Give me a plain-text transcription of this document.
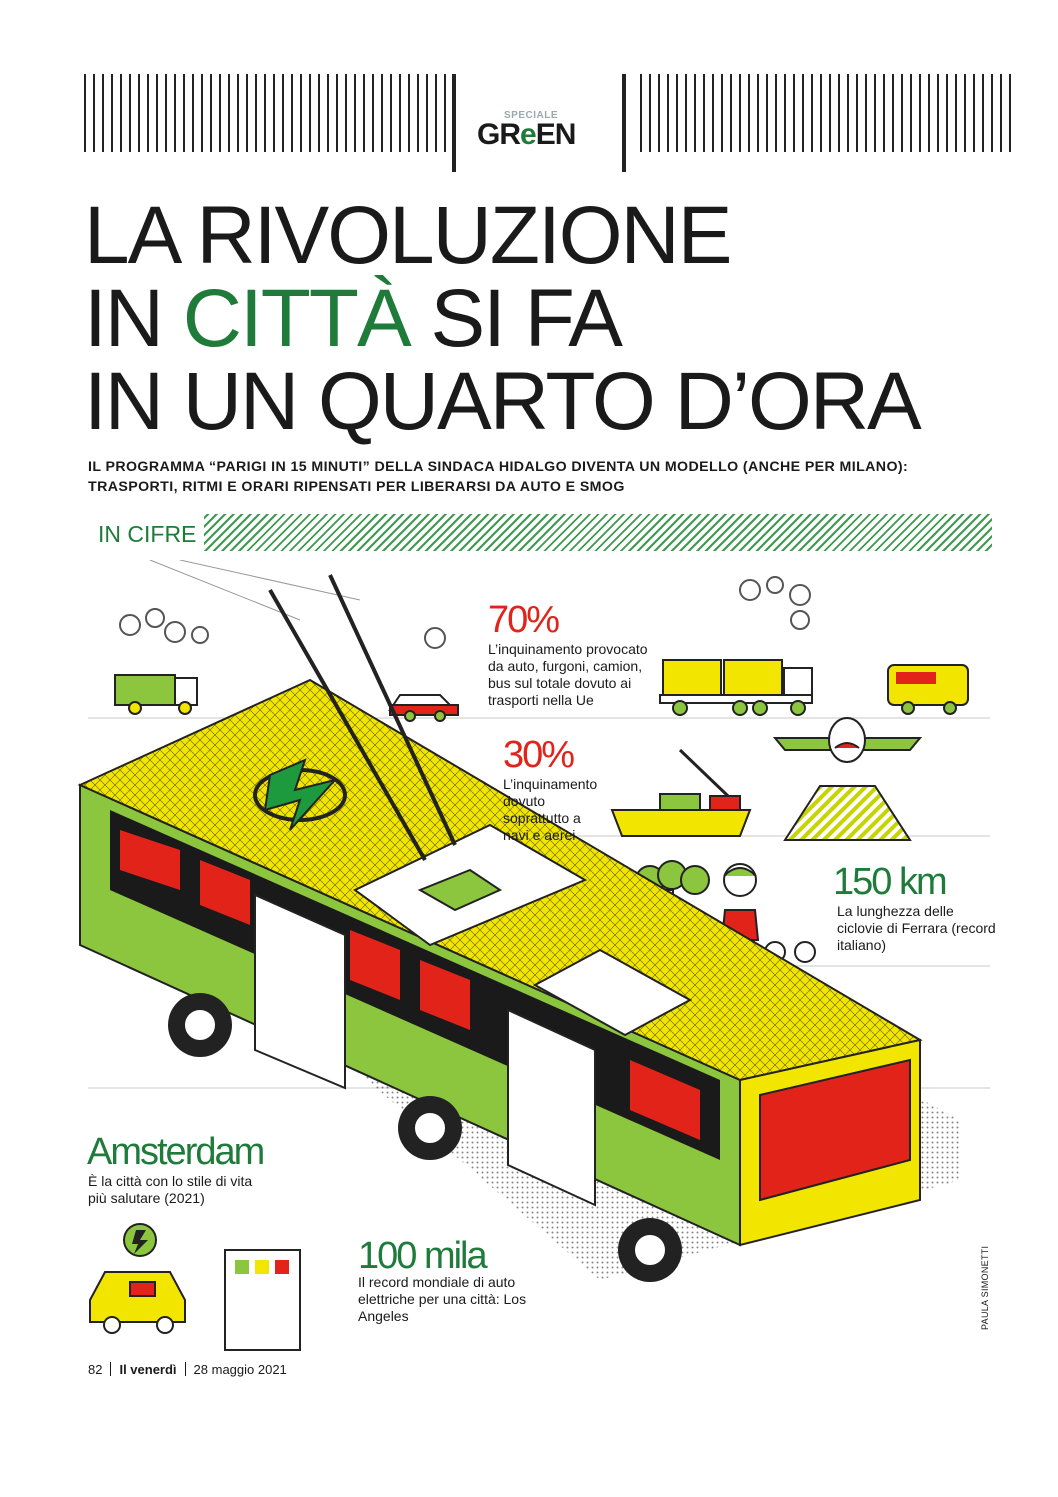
SPECIALE
GReEN
LA RIVOLUZIONE
IN CITTÀ SI FA
IN UN QUARTO D’ORA
IL PROGRAMMA “PARIGI IN 15 MINUTI” DELLA SINDACA HIDALGO DIVENTA UN MODELLO (ANCHE PER MILANO): TRASPORTI, RITMI E ORARI RIPENSATI PER LIBERARSI DA AUTO E SMOG
IN CIFRE
70%
L’inquinamento provocato da auto, furgoni, camion, bus sul totale dovuto ai trasporti nella Ue
30%
L’inquinamento dovuto soprattutto a navi e aerei
150 km
La lunghezza delle ciclovie di Ferrara (record italiano)
Amsterdam
È la città con lo stile di vita più salutare (2021)
100 mila
Il record mondiale di auto elettriche per una città: Los Angeles	PAULA SIMONETTI
82 Il venerdì 28 maggio 2021
